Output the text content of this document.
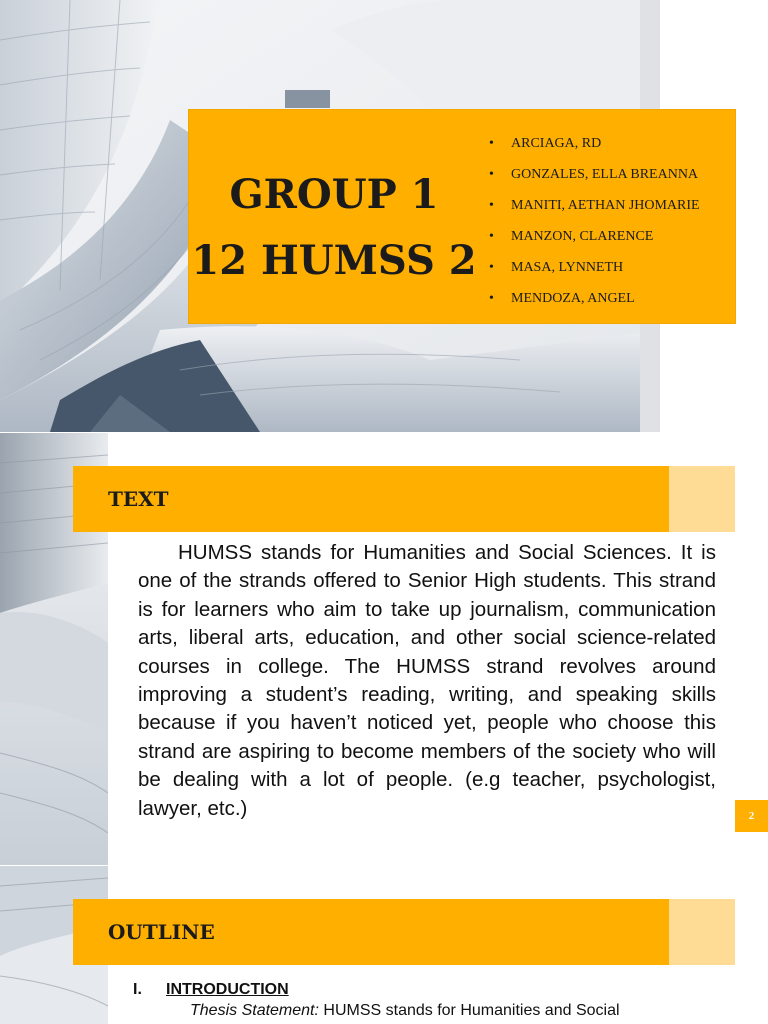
GROUP 1
12 HUMSS 2
• ARCIAGA, RD
• GONZALES, ELLA BREANNA
• MANITI, AETHAN JHOMARIE
• MANZON, CLARENCE
• MASA, LYNNETH
• MENDOZA, ANGEL
TEXT

HUMSS stands for Humanities and Social Sciences. It is one of the strands offered to Senior High students. This strand is for learners who aim to take up journalism, communication arts, liberal arts, education, and other social science-related courses in college. The HUMSS strand revolves around improving a student’s reading, writing, and speaking skills because if you haven’t noticed yet, people who choose this strand are aspiring to become members of the society who will be dealing with a lot of people. (e.g teacher, psychologist, lawyer, etc.)	2
OUTLINE
I. INTRODUCTION
Thesis Statement: HUMSS stands for Humanities and Social
